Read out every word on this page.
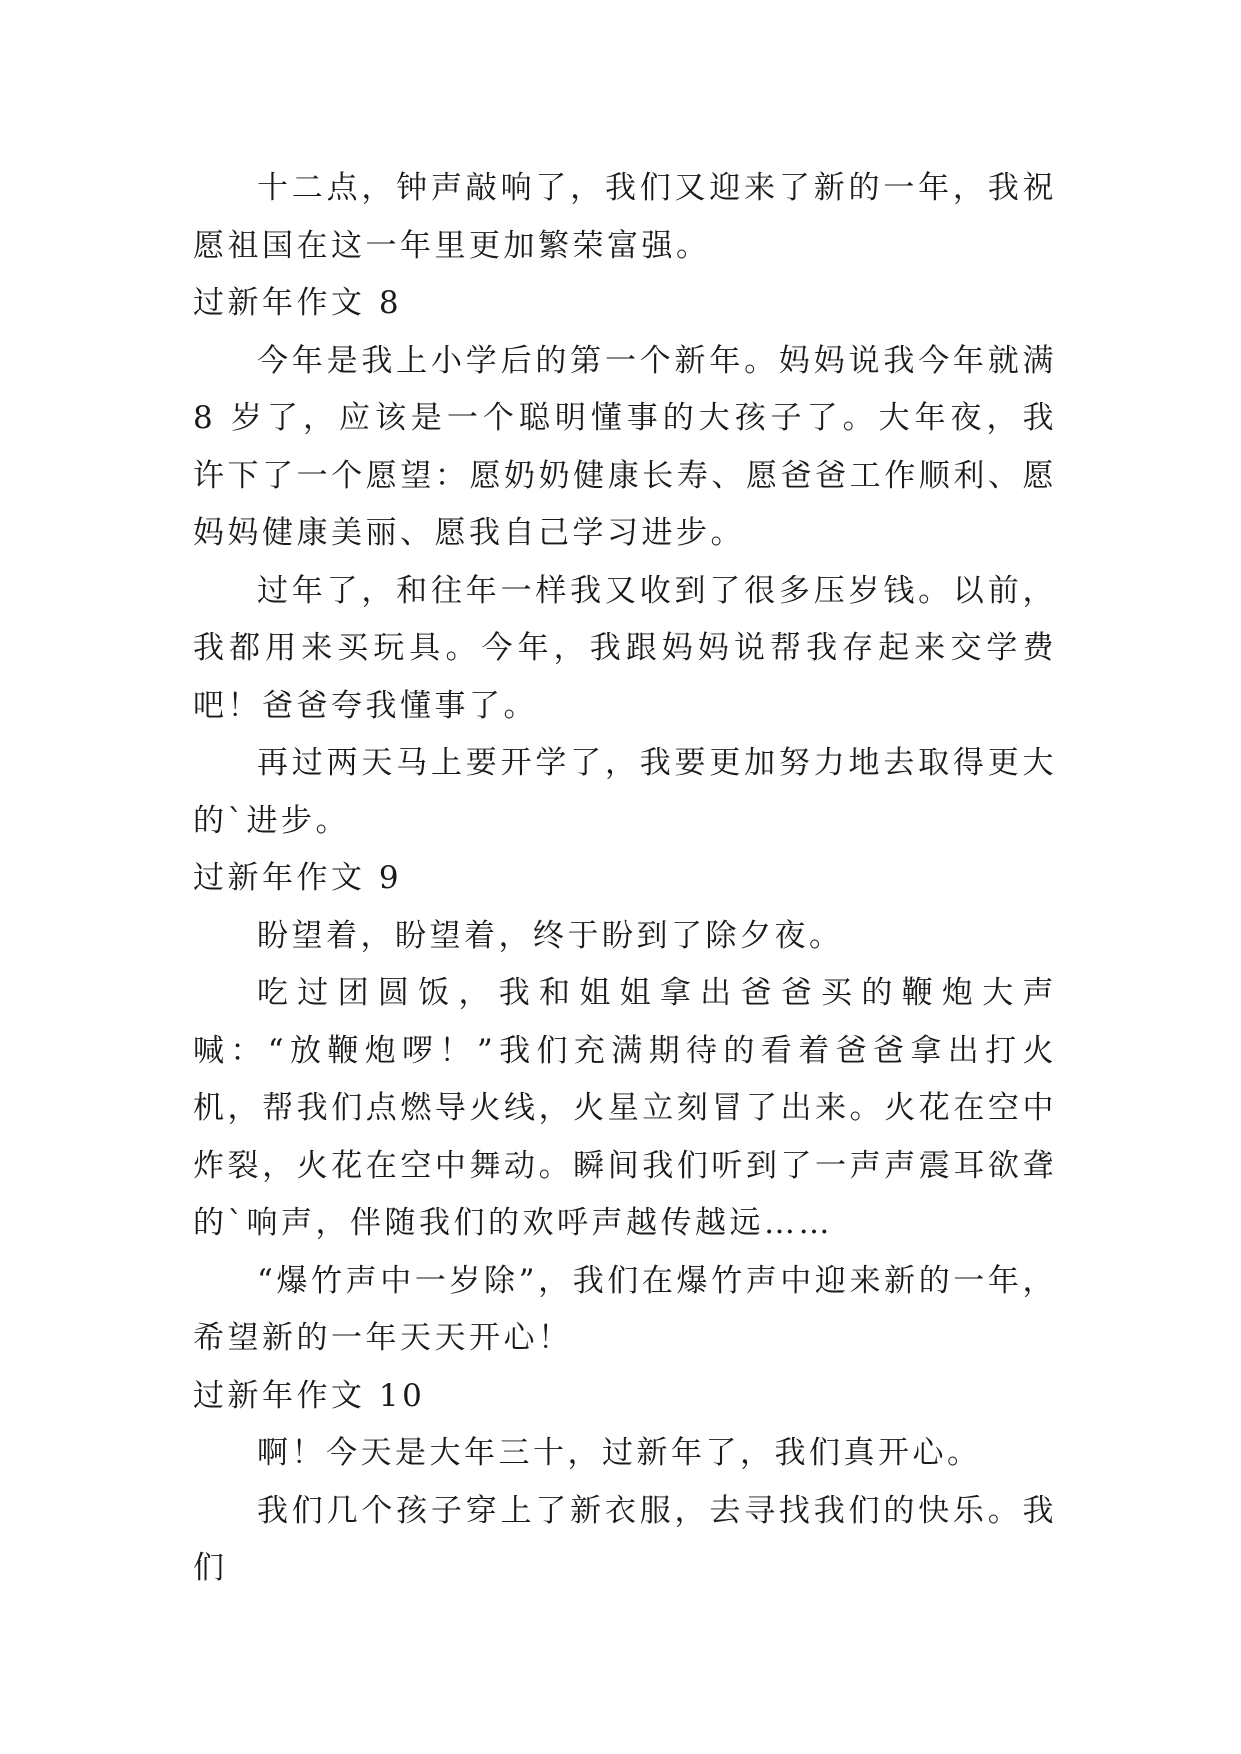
十二点，钟声敲响了，我们又迎来了新的一年，我祝愿祖国在这一年里更加繁荣富强。

过新年作文 8

今年是我上小学后的第一个新年。妈妈说我今年就满 8 岁了，应该是一个聪明懂事的大孩子了。大年夜，我许下了一个愿望：愿奶奶健康长寿、愿爸爸工作顺利、愿妈妈健康美丽、愿我自己学习进步。

过年了，和往年一样我又收到了很多压岁钱。以前，我都用来买玩具。今年，我跟妈妈说帮我存起来交学费吧！爸爸夸我懂事了。

再过两天马上要开学了，我要更加努力地去取得更大的`进步。

过新年作文 9

盼望着，盼望着，终于盼到了除夕夜。

吃过团圆饭，我和姐姐拿出爸爸买的鞭炮大声喊：“放鞭炮啰！”我们充满期待的看着爸爸拿出打火机，帮我们点燃导火线，火星立刻冒了出来。火花在空中炸裂，火花在空中舞动。瞬间我们听到了一声声震耳欲聋的`响声，伴随我们的欢呼声越传越远……

“爆竹声中一岁除”，我们在爆竹声中迎来新的一年，希望新的一年天天开心！

过新年作文 10

啊！今天是大年三十，过新年了，我们真开心。

我们几个孩子穿上了新衣服，去寻找我们的快乐。我们
